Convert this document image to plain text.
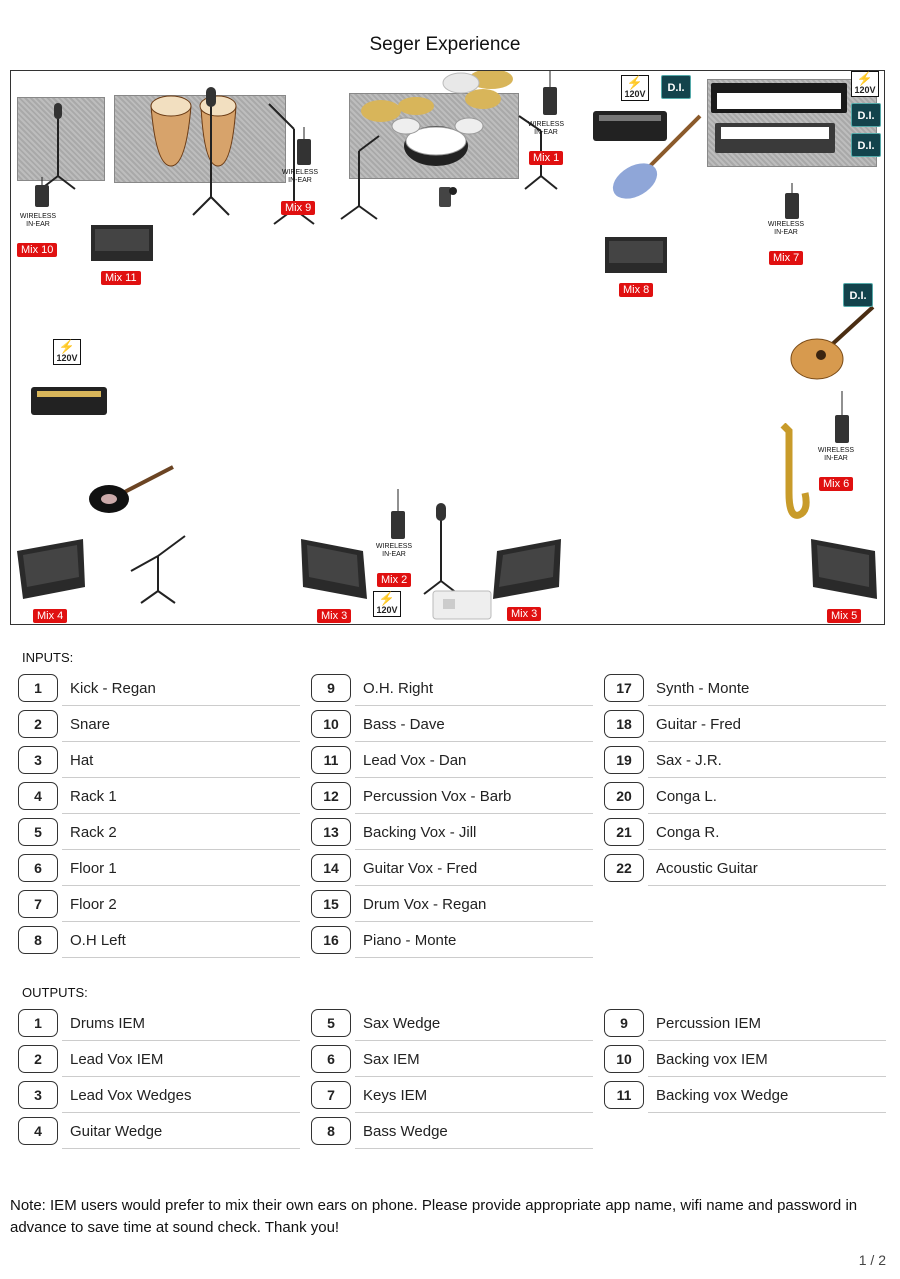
Seger Experience
WIRELESS
IN-EAR
WIRELESS
IN-EAR
WIRELESS
IN-EAR
WIRELESS
IN-EAR
WIRELESS
IN-EAR
WIRELESS
IN-EAR
⚡
120V
⚡
120V
⚡
120V
⚡
120V
D.I.
D.I.
D.I.
D.I.
Mix 1
Mix 2
Mix 3	Mix 3
Mix 4	Mix 5
Mix 6
Mix 7
Mix 8
Mix 9
Mix 10
Mix 11
INPUTS:
1	Kick - Regan
2	Snare
3	Hat
4	Rack 1
5	Rack 2
6	Floor 1
7	Floor 2
8	O.H Left
9	O.H. Right
10	Bass - Dave
11	Lead Vox - Dan
12	Percussion Vox - Barb
13	Backing Vox - Jill
14	Guitar Vox - Fred
15	Drum Vox - Regan
16	Piano - Monte
17	Synth - Monte
18	Guitar - Fred
19	Sax - J.R.
20	Conga L.
21	Conga R.
22	Acoustic Guitar
OUTPUTS:
1	Drums IEM
2	Lead Vox IEM
3	Lead Vox Wedges
4	Guitar Wedge
5	Sax Wedge
6	Sax IEM
7	Keys IEM
8	Bass Wedge
9	Percussion IEM
10	Backing vox IEM
11	Backing vox Wedge
Note: IEM users would prefer to mix their own ears on phone. Please provide appropriate app name, wifi name and password in advance to save time at sound check. Thank you!
1 / 2
